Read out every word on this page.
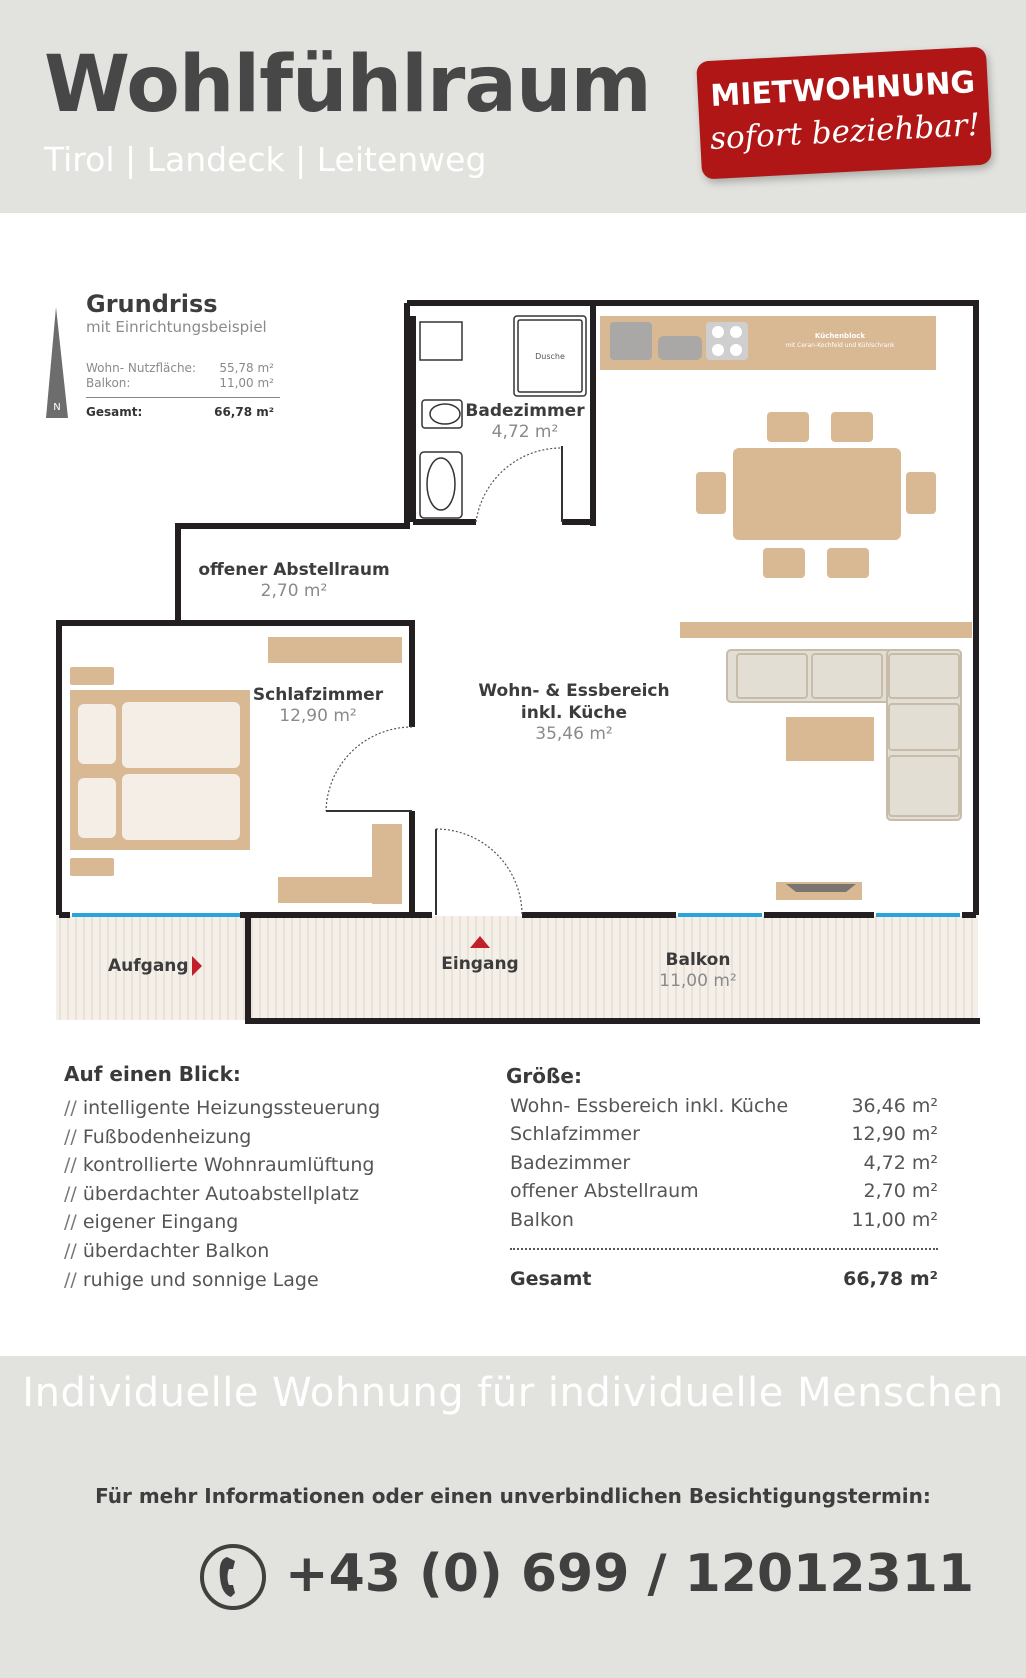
Wohlfühlraum
Tirol | Landeck | Leitenweg
MIETWOHNUNG
sofort beziehbar!
Grundriss
mit Einrichtungsbeispiel
Wohn- Nutzfläche: 55,78 m²
Balkon:	11,00 m²
Gesamt:	66,78 m²
N
Dusche
Küchenblock
mit Ceran-Kochfeld und Kühlschrank
Badezimmer
4,72 m²
offener Abstellraum
2,70 m²
Schlafzimmer
12,90 m²
Wohn- & Essbereich
inkl. Küche
35,46 m²
Aufgang	Eingang	Balkon
11,00 m²
Auf einen Blick:
// intelligente Heizungssteuerung
// Fußbodenheizung
// kontrollierte Wohnraumlüftung
// überdachter Autoabstellplatz
// eigener Eingang
// überdachter Balkon
// ruhige und sonnige Lage
Größe:
Wohn- Essbereich inkl. Küche	36,46 m²
Schlafzimmer	12,90 m²
Badezimmer	4,72 m²
offener Abstellraum	2,70 m²
Balkon	11,00 m²
Gesamt	66,78 m²
Individuelle Wohnung für individuelle Menschen
Für mehr Informationen oder einen unverbindlichen Besichtigungstermin:
+43 (0) 699 / 12012311
